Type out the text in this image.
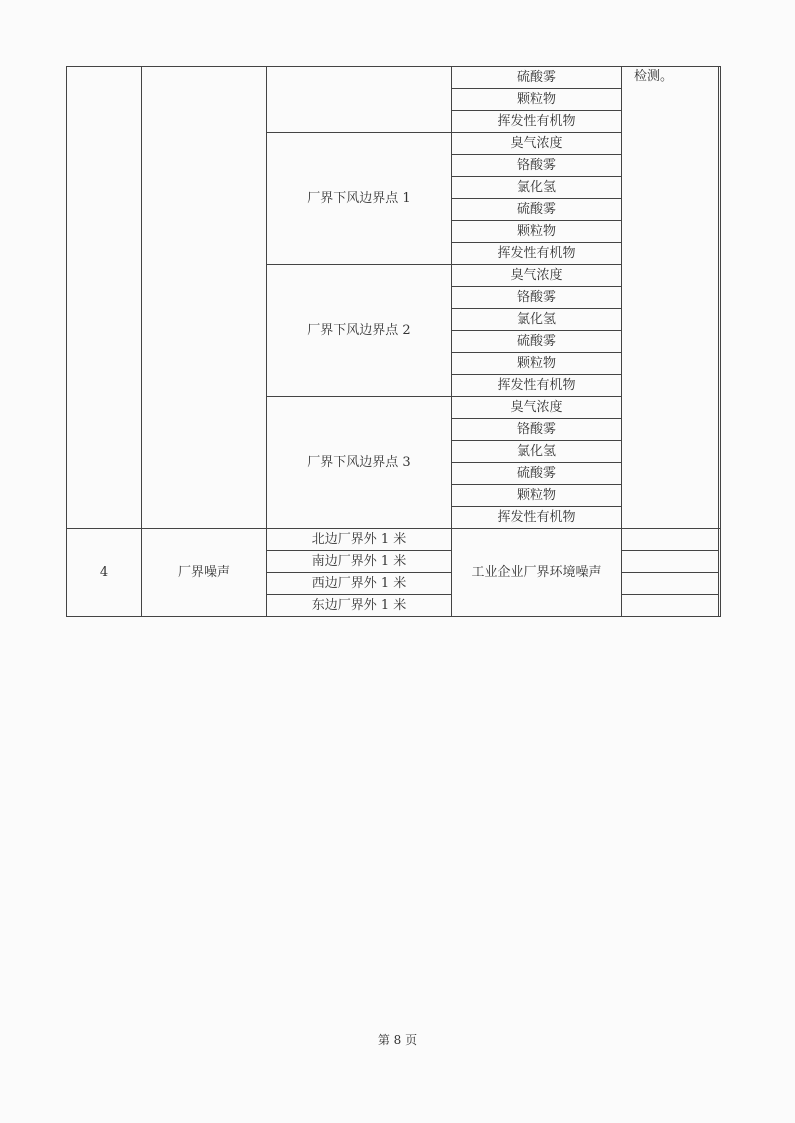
			硫酸雾	检测。	
			颗粒物		
			挥发性有机物		
		厂界下风边界点 1	臭气浓度		
			铬酸雾		
			氯化氢		
			硫酸雾		
			颗粒物		
			挥发性有机物		
		厂界下风边界点 2	臭气浓度		
			铬酸雾		
			氯化氢		
			硫酸雾		
			颗粒物		
			挥发性有机物		
		厂界下风边界点 3	臭气浓度		
			铬酸雾		
			氯化氢		
			硫酸雾		
			颗粒物		
			挥发性有机物		
4	厂界噪声	北边厂界外 1 米	工业企业厂界环境噪声		
		南边厂界外 1 米			
		西边厂界外 1 米			
		东边厂界外 1 米			
第 8 页
